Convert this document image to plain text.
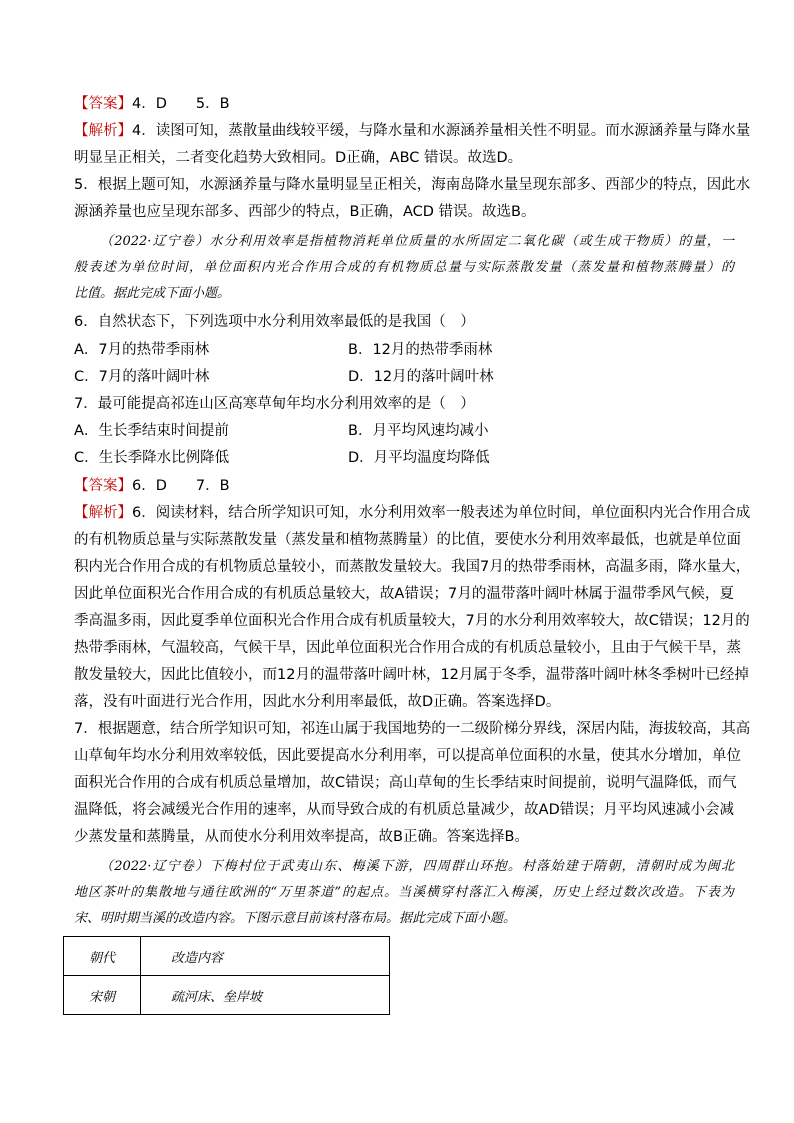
【答案】4．D　　5．B
【解析】4．读图可知，蒸散量曲线较平缓，与降水量和水源涵养量相关性不明显。而水源涵养量与降水量
明显呈正相关，二者变化趋势大致相同。D正确，ABC 错误。故选D。
5．根据上题可知，水源涵养量与降水量明显呈正相关，海南岛降水量呈现东部多、西部少的特点，因此水
源涵养量也应呈现东部多、西部少的特点，B正确，ACD 错误。故选B。
（2022·辽宁卷）水分利用效率是指植物消耗单位质量的水所固定二氧化碳（或生成干物质）的量，一
般表述为单位时间，单位面积内光合作用合成的有机物质总量与实际蒸散发量（蒸发量和植物蒸腾量）的
比值。据此完成下面小题。
6．自然状态下，下列选项中水分利用效率最低的是我国（　）
A．7月的热带季雨林	B．12月的热带季雨林
C．7月的落叶阔叶林	D．12月的落叶阔叶林
7．最可能提高祁连山区高寒草甸年均水分利用效率的是（　）
A．生长季结束时间提前	B．月平均风速均减小
C．生长季降水比例降低	D．月平均温度均降低
【答案】6．D　　7．B
【解析】6．阅读材料，结合所学知识可知，水分利用效率一般表述为单位时间，单位面积内光合作用合成
的有机物质总量与实际蒸散发量（蒸发量和植物蒸腾量）的比值，要使水分利用效率最低，也就是单位面
积内光合作用合成的有机物质总量较小，而蒸散发量较大。我国7月的热带季雨林，高温多雨，降水量大，
因此单位面积光合作用合成的有机质总量较大，故A错误；7月的温带落叶阔叶林属于温带季风气候，夏
季高温多雨，因此夏季单位面积光合作用合成有机质量较大，7月的水分利用效率较大，故C错误；12月的
热带季雨林，气温较高，气候干旱，因此单位面积光合作用合成的有机质总量较小，且由于气候干旱，蒸
散发量较大，因此比值较小，而12月的温带落叶阔叶林，12月属于冬季，温带落叶阔叶林冬季树叶已经掉
落，没有叶面进行光合作用，因此水分利用率最低，故D正确。答案选择D。
7．根据题意，结合所学知识可知，祁连山属于我国地势的一二级阶梯分界线，深居内陆，海拔较高，其高
山草甸年均水分利用效率较低，因此要提高水分利用率，可以提高单位面积的水量，使其水分增加，单位
面积光合作用的合成有机质总量增加，故C错误；高山草甸的生长季结束时间提前，说明气温降低，而气
温降低，将会减缓光合作用的速率，从而导致合成的有机质总量减少，故AD错误；月平均风速减小会减
少蒸发量和蒸腾量，从而使水分利用效率提高，故B正确。答案选择B。
（2022·辽宁卷）下梅村位于武夷山东、梅溪下游，四周群山环抱。村落始建于隋朝，清朝时成为闽北
地区茶叶的集散地与通往欧洲的“万里茶道”的起点。当溪横穿村落汇入梅溪，历史上经过数次改造。下表为
宋、明时期当溪的改造内容。下图示意目前该村落布局。据此完成下面小题。
朝代	改造内容
宋朝	疏河床、垒岸坡
